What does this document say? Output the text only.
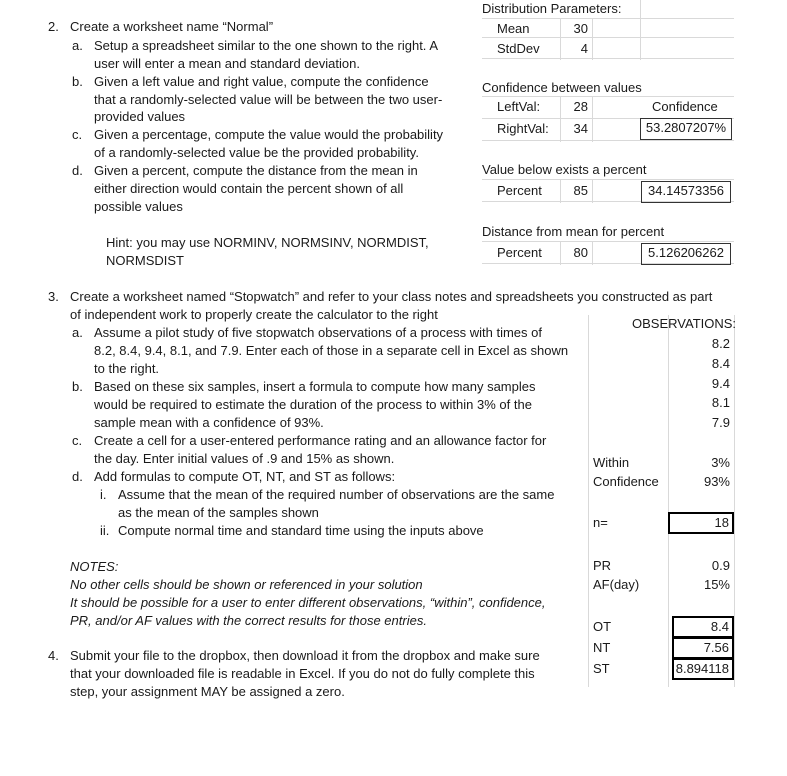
2. Create a worksheet name “Normal”
a. Setup a spreadsheet similar to the one shown to the right. A
user will enter a mean and standard deviation.
b. Given a left value and right value, compute the confidence
that a randomly-selected value will be between the two user-
provided values
c. Given a percentage, compute the value would the probability
of a randomly-selected value be the provided probability.
d. Given a percent, compute the distance from the mean in
either direction would contain the percent shown of all
possible values
Hint: you may use NORMINV, NORMSINV, NORMDIST,
NORMSDIST
Distribution Parameters:
Mean	30
StdDev	4
Confidence between values
LeftVal:	28	Confidence
RightVal:	34	53.2807207%
Value below exists a percent
Percent	85	34.14573356
Distance from mean for percent
Percent	80	5.126206262
3. Create a worksheet named “Stopwatch” and refer to your class notes and spreadsheets you constructed as part
of independent work to properly create the calculator to the right
a. Assume a pilot study of five stopwatch observations of a process with times of
8.2, 8.4, 9.4, 8.1, and 7.9. Enter each of those in a separate cell in Excel as shown
to the right.
b. Based on these six samples, insert a formula to compute how many samples
would be required to estimate the duration of the process to within 3% of the
sample mean with a confidence of 93%.
c. Create a cell for a user-entered performance rating and an allowance factor for
the day. Enter initial values of .9 and 15% as shown.
d. Add formulas to compute OT, NT, and ST as follows:
i. Assume that the mean of the required number of observations are the same
as the mean of the samples shown
ii. Compute normal time and standard time using the inputs above
NOTES:
No other cells should be shown or referenced in your solution
It should be possible for a user to enter different observations, “within”, confidence,
PR, and/or AF values with the correct results for those entries.
OBSERVATIONS:
8.2
8.4
9.4
8.1
7.9
Within	3%
Confidence	93%
n=	18
PR	0.9
AF(day)	15%
OT	8.4
NT	7.56
ST	8.894118
4. Submit your file to the dropbox, then download it from the dropbox and make sure
that your downloaded file is readable in Excel. If you do not do fully complete this
step, your assignment MAY be assigned a zero.
